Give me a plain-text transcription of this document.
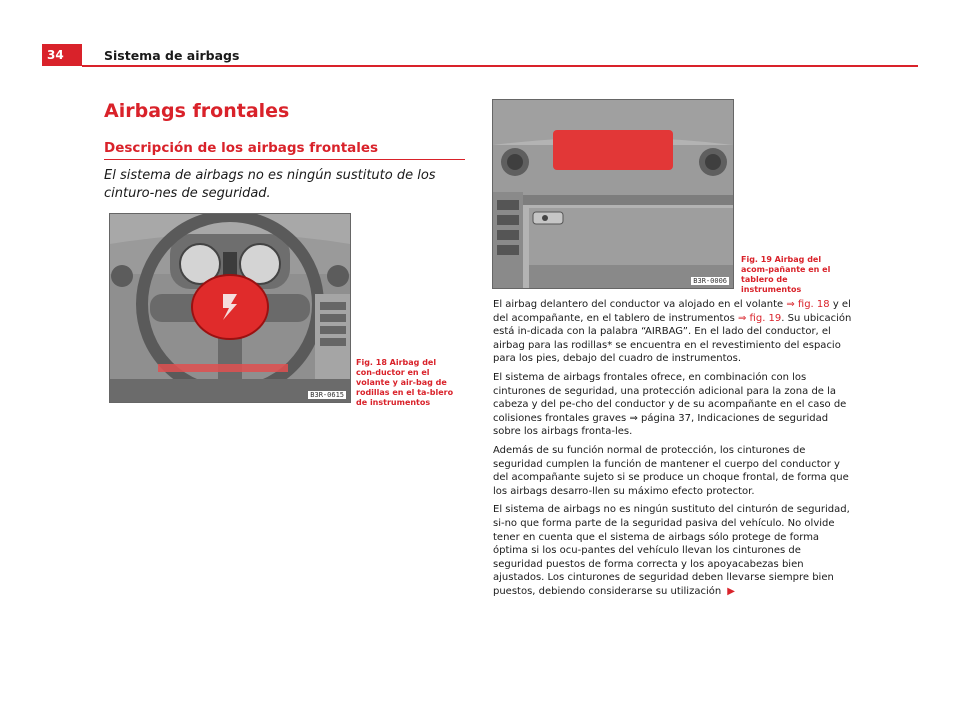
34	Sistema de airbags
Airbags frontales
Descripción de los airbags frontales
El sistema de airbags no es ningún sustituto de los cinturo-nes de seguridad.
B3R-0615
Fig. 18 Airbag del con-ductor en el volante y air-bag de rodillas en el ta-blero de instrumentos
B3R-0006
Fig. 19 Airbag del acom-pañante en el tablero de instrumentos

El airbag delantero del conductor va alojado en el volante ⇒ fig. 18 y el del acompañante, en el tablero de instrumentos ⇒ fig. 19. Su ubicación está in-dicada con la palabra “AIRBAG”. En el lado del conductor, el airbag para las rodillas* se encuentra en el revestimiento del espacio para los pies, debajo del cuadro de instrumentos.

El sistema de airbags frontales ofrece, en combinación con los cinturones de seguridad, una protección adicional para la zona de la cabeza y del pe-cho del conductor y de su acompañante en el caso de colisiones frontales graves ⇒ página 37, Indicaciones de seguridad sobre los airbags fronta-les.

Además de su función normal de protección, los cinturones de seguridad cumplen la función de mantener el cuerpo del conductor y del acompañante sujeto si se produce un choque frontal, de forma que los airbags desarro-llen su máximo efecto protector.

El sistema de airbags no es ningún sustituto del cinturón de seguridad, si-no que forma parte de la seguridad pasiva del vehículo. No olvide tener en cuenta que el sistema de airbags sólo protege de forma óptima si los ocu-pantes del vehículo llevan los cinturones de seguridad puestos de forma correcta y los apoyacabezas bien ajustados. Los cinturones de seguridad deben llevarse siempre bien puestos, debiendo considerarse su utilización ▶
